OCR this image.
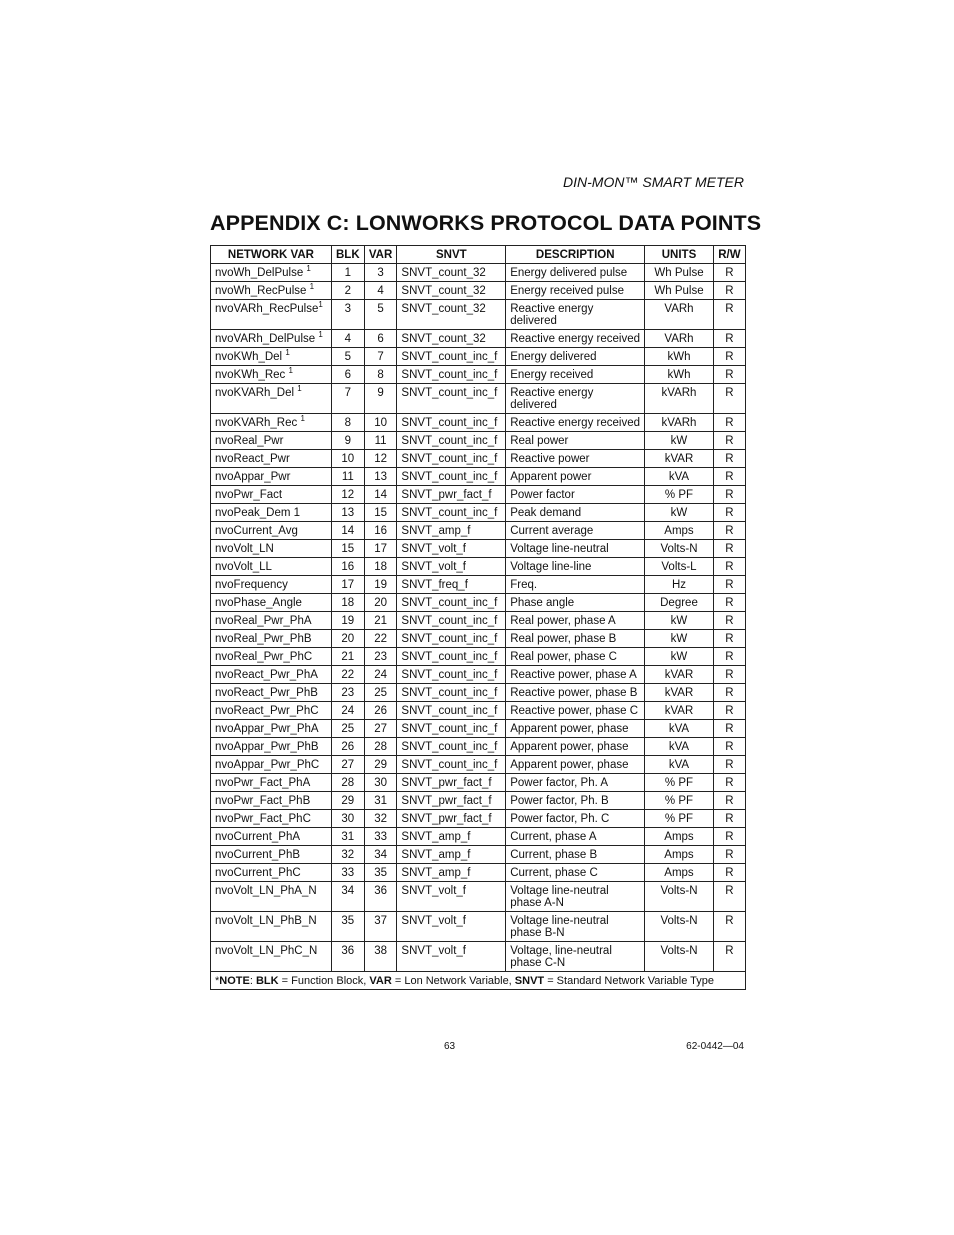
DIN-MON™ SMART METER
APPENDIX C: LONWORKS PROTOCOL DATA POINTS
NETWORK VAR	BLK	VAR	SNVT	DESCRIPTION	UNITS	R/W
nvoWh_DelPulse $^1$	1	3	SNVT_count_32	Energy delivered pulse	Wh Pulse	R
nvoWh_RecPulse $^1$	2	4	SNVT_count_32	Energy received pulse	Wh Pulse	R
nvoVARh_RecPulse$^1$	3	5	SNVT_count_32	Reactive energy delivered	VARh	R
nvoVARh_DelPulse $^1$	4	6	SNVT_count_32	Reactive energy received	VARh	R
nvoKWh_Del $^1$	5	7	SNVT_count_inc_f	Energy delivered	kWh	R
nvoKWh_Rec $^1$	6	8	SNVT_count_inc_f	Energy received	kWh	R
nvoKVARh_Del $^1$	7	9	SNVT_count_inc_f	Reactive energy delivered	kVARh	R
nvoKVARh_Rec $^1$	8	10	SNVT_count_inc_f	Reactive energy received	kVARh	R
nvoReal_Pwr	9	11	SNVT_count_inc_f	Real power	kW	R
nvoReact_Pwr	10	12	SNVT_count_inc_f	Reactive power	kVAR	R
nvoAppar_Pwr	11	13	SNVT_count_inc_f	Apparent power	kVA	R
nvoPwr_Fact	12	14	SNVT_pwr_fact_f	Power factor	% PF	R
nvoPeak_Dem 1	13	15	SNVT_count_inc_f	Peak demand	kW	R
nvoCurrent_Avg	14	16	SNVT_amp_f	Current average	Amps	R
nvoVolt_LN	15	17	SNVT_volt_f	Voltage line-neutral	Volts-N	R
nvoVolt_LL	16	18	SNVT_volt_f	Voltage line-line	Volts-L	R
nvoFrequency	17	19	SNVT_freq_f	Freq.	Hz	R
nvoPhase_Angle	18	20	SNVT_count_inc_f	Phase angle	Degree	R
nvoReal_Pwr_PhA	19	21	SNVT_count_inc_f	Real power, phase A	kW	R
nvoReal_Pwr_PhB	20	22	SNVT_count_inc_f	Real power, phase B	kW	R
nvoReal_Pwr_PhC	21	23	SNVT_count_inc_f	Real power, phase C	kW	R
nvoReact_Pwr_PhA	22	24	SNVT_count_inc_f	Reactive power, phase A	kVAR	R
nvoReact_Pwr_PhB	23	25	SNVT_count_inc_f	Reactive power, phase B	kVAR	R
nvoReact_Pwr_PhC	24	26	SNVT_count_inc_f	Reactive power, phase C	kVAR	R
nvoAppar_Pwr_PhA	25	27	SNVT_count_inc_f	Apparent power, phase	kVA	R
nvoAppar_Pwr_PhB	26	28	SNVT_count_inc_f	Apparent power, phase	kVA	R
nvoAppar_Pwr_PhC	27	29	SNVT_count_inc_f	Apparent power, phase	kVA	R
nvoPwr_Fact_PhA	28	30	SNVT_pwr_fact_f	Power factor, Ph. A	% PF	R
nvoPwr_Fact_PhB	29	31	SNVT_pwr_fact_f	Power factor, Ph. B	% PF	R
nvoPwr_Fact_PhC	30	32	SNVT_pwr_fact_f	Power factor, Ph. C	% PF	R
nvoCurrent_PhA	31	33	SNVT_amp_f	Current, phase A	Amps	R
nvoCurrent_PhB	32	34	SNVT_amp_f	Current, phase B	Amps	R
nvoCurrent_PhC	33	35	SNVT_amp_f	Current, phase C	Amps	R
nvoVolt_LN_PhA_N	34	36	SNVT_volt_f	Voltage line-neutral phase A-N	Volts-N	R
nvoVolt_LN_PhB_N	35	37	SNVT_volt_f	Voltage line-neutral phase B-N	Volts-N	R
nvoVolt_LN_PhC_N	36	38	SNVT_volt_f	Voltage, line-neutral phase C-N	Volts-N	R
*NOTE: BLK = Function Block, VAR = Lon Network Variable, SNVT = Standard Network Variable Type						
63	62-0442—04
